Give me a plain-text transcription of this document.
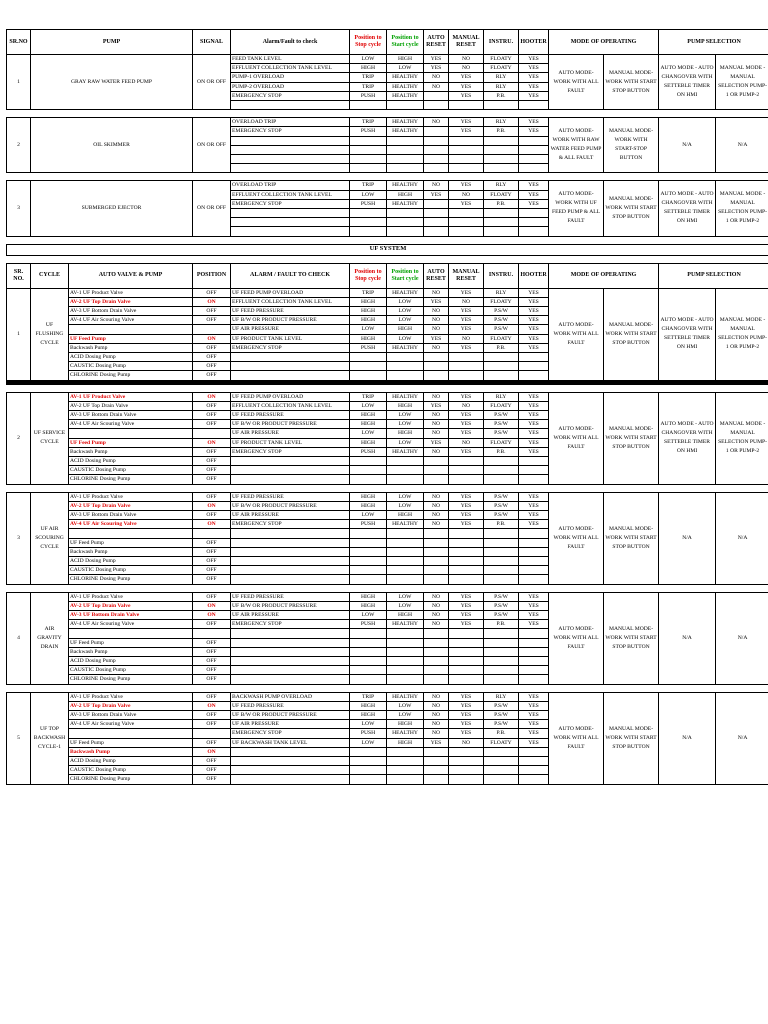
SR.NO	PUMP		SIGNAL	Alarm/Fault to check	Position to Stop cycle	Position to Start cycle	AUTO RESET	MANUAL RESET	INSTRU.	HOOTER	MODE OF OPERATING		PUMP SELECTION	
1	GRAY RAW WATER FEED PUMP		ON OR OFF	FEED TANK LEVEL	LOW	HIGH	YES	NO	FLOATY	YES	AUTO MODE-WORK WITH ALL FAULT	MANUAL MODE-WORK WITH START STOP BUTTON	AUTO MODE - AUTO CHANGOVER WITH SETTEBLE TIMER ON HMI	MANUAL MODE - MANUAL SELECTION PUMP-1 OR PUMP-2
				EFFLUENT COLLECTION TANK LEVEL	HIGH	LOW	YES	NO	FLOATY	YES				
				PUMP-1 OVERLOAD	TRIP	HEALTHY	NO	YES	RLY	YES				
				PUMP-2 OVERLOAD	TRIP	HEALTHY	NO	YES	RLY	YES				
				EMERGENCY STOP	PUSH	HEALTHY		YES	P.B.	YES				

2	OIL SKIMMER		ON OR OFF	OVERLOAD TRIP	TRIP	HEALTHY	NO	YES	RLY	YES	AUTO MODE-WORK WITH RAW WATER FEED PUMP & ALL FAULT	MANUAL MODE-WORK WITH START-STOP BUTTON	N/A	N/A
				EMERGENCY STOP	PUSH	HEALTHY		YES	P.B.	YES				

3	SUBMERGED EJECTOR		ON OR OFF	OVERLOAD TRIP	TRIP	HEALTHY	NO	YES	RLY	YES	AUTO MODE-WORK WITH UF FEED PUMP & ALL FAULT	MANUAL MODE-WORK WITH START STOP BUTTON	AUTO MODE - AUTO CHANGOVER WITH SETTEBLE TIMER ON HMI	MANUAL MODE - MANUAL SELECTION PUMP-1 OR PUMP-2
				EFFLUENT COLLECTION TANK LEVEL	LOW	HIGH	YES	NO	FLOATY	YES				
				EMERGENCY STOP	PUSH	HEALTHY		YES	P.B.	YES				

UF SYSTEM														

SR. NO.	CYCLE	AUTO VALVE & PUMP	POSITION	ALARM / FAULT TO CHECK	Position to Stop cycle	Position to Start cycle	AUTO RESET	MANUAL RESET	INSTRU.	HOOTER	MODE OF OPERATING		PUMP SELECTION	
1	UF FLUSHING CYCLE	AV-1 UF Product Valve	OFF	UF FEED PUMP OVERLOAD	TRIP	HEALTHY	NO	YES	RLY	YES	AUTO MODE-WORK WITH ALL FAULT	MANUAL MODE-WORK WITH START STOP BUTTON	AUTO MODE - AUTO CHANGOVER WITH SETTEBLE TIMER ON HMI	MANUAL MODE - MANUAL SELECTION PUMP-1 OR PUMP-2
		AV-2 UF Top Drain Valve	ON	EFFLUENT COLLECTION TANK LEVEL	HIGH	LOW	YES	NO	FLOATY	YES				
		AV-3 UF Bottom Drain Valve	OFF	UF FEED PRESSURE	HIGH	LOW	NO	YES	P.S/W	YES				
		AV-4 UF Air Scouring Valve	OFF	UF B/W OR PRODUCT PRESSURE	HIGH	LOW	NO	YES	P.S/W	YES				
				UF AIR PRESSURE	LOW	HIGH	NO	YES	P.S/W	YES				
		UF Feed Pump	ON	UF PRODUCT TANK LEVEL	HIGH	LOW	YES	NO	FLOATY	YES				
		Backwash Pump	OFF	EMERGENCY STOP	PUSH	HEALTHY	NO	YES	P.B.	YES				
		ACID Dosing Pump	OFF											
		CAUSTIC Dosing Pump	OFF											
		CHLORINE Dosing Pump	OFF											

2	UF SERVICE CYCLE	AV-1 UF Product Valve	ON	UF FEED PUMP OVERLOAD	TRIP	HEALTHY	NO	YES	RLY	YES	AUTO MODE-WORK WITH ALL FAULT	MANUAL MODE-WORK WITH START STOP BUTTON	AUTO MODE - AUTO CHANGOVER WITH SETTEBLE TIMER ON HMI	MANUAL MODE - MANUAL SELECTION PUMP-1 OR PUMP-2
		AV-2 UF Top Drain Valve	OFF	EFFLUENT COLLECTION TANK LEVEL	LOW	HIGH	YES	NO	FLOATY	YES				
		AV-3 UF Bottom Drain Valve	OFF	UF FEED PRESSURE	HIGH	LOW	NO	YES	P.S/W	YES				
		AV-4 UF Air Scouring Valve	OFF	UF B/W OR PRODUCT PRESSURE	HIGH	LOW	NO	YES	P.S/W	YES				
				UF AIR PRESSURE	LOW	HIGH	NO	YES	P.S/W	YES				
		UF Feed Pump	ON	UF PRODUCT TANK LEVEL	HIGH	LOW	YES	NO	FLOATY	YES				
		Backwash Pump	OFF	EMERGENCY STOP	PUSH	HEALTHY	NO	YES	P.B.	YES				
		ACID Dosing Pump	OFF											
		CAUSTIC Dosing Pump	OFF											
		CHLORINE Dosing Pump	OFF											

3	UF AIR SCOURING CYCLE	AV-1 UF Product Valve	OFF	UF FEED PRESSURE	HIGH	LOW	NO	YES	P.S/W	YES	AUTO MODE-WORK WITH ALL FAULT	MANUAL MODE-WORK WITH START STOP BUTTON	N/A	N/A
		AV-2 UF Top Drain Valve	ON	UF B/W OR PRODUCT PRESSURE	HIGH	LOW	NO	YES	P.S/W	YES				
		AV-3 UF Bottom Drain Valve	OFF	UF AIR PRESSURE	LOW	HIGH	NO	YES	P.S/W	YES				
		AV-4 UF Air Scouring Valve	ON	EMERGENCY STOP	PUSH	HEALTHY	NO	YES	P.B.	YES				

		UF Feed Pump	OFF											
		Backwash Pump	OFF											
		ACID Dosing Pump	OFF											
		CAUSTIC Dosing Pump	OFF											
		CHLORINE Dosing Pump	OFF											

4	AIR GRAVITY DRAIN	AV-1 UF Product Valve	OFF	UF FEED PRESSURE	HIGH	LOW	NO	YES	P.S/W	YES	AUTO MODE-WORK WITH ALL FAULT	MANUAL MODE-WORK WITH START STOP BUTTON	N/A	N/A
		AV-2 UF Top Drain Valve	ON	UF B/W OR PRODUCT PRESSURE	HIGH	LOW	NO	YES	P.S/W	YES				
		AV-3 UF Bottom Drain Valve	ON	UF AIR PRESSURE	LOW	HIGH	NO	YES	P.S/W	YES				
		AV-4 UF Air Scouring Valve	OFF	EMERGENCY STOP	PUSH	HEALTHY	NO	YES	P.B.	YES				

		UF Feed Pump	OFF											
		Backwash Pump	OFF											
		ACID Dosing Pump	OFF											
		CAUSTIC Dosing Pump	OFF											
		CHLORINE Dosing Pump	OFF											

5	UF TOP BACKWASH CYCLE-1	AV-1 UF Product Valve	OFF	BACKWASH PUMP OVERLOAD	TRIP	HEALTHY	NO	YES	RLY	YES	AUTO MODE-WORK WITH ALL FAULT	MANUAL MODE-WORK WITH START STOP BUTTON	N/A	N/A
		AV-2 UF Top Drain Valve	ON	UF FEED PRESSURE	HIGH	LOW	NO	YES	P.S/W	YES				
		AV-3 UF Bottom Drain Valve	OFF	UF B/W OR PRODUCT PRESSURE	HIGH	LOW	NO	YES	P.S/W	YES				
		AV-4 UF Air Scouring Valve	OFF	UF AIR PRESSURE	LOW	HIGH	NO	YES	P.S/W	YES				
				EMERGENCY STOP	PUSH	HEALTHY	NO	YES	P.B.	YES				
		UF Feed Pump	OFF	UF BACKWASH TANK LEVEL	LOW	HIGH	YES	NO	FLOATY	YES				
		Backwash Pump	ON											
		ACID Dosing Pump	OFF											
		CAUSTIC Dosing Pump	OFF											
		CHLORINE Dosing Pump	OFF											
